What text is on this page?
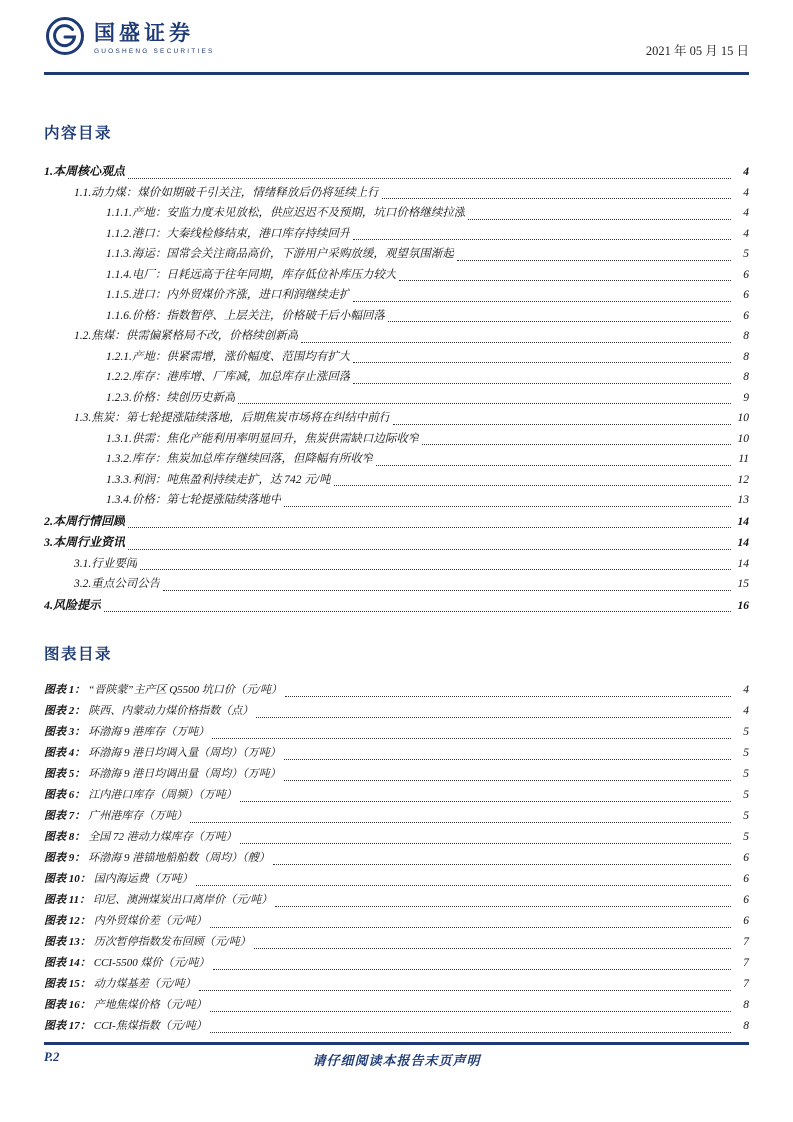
国盛证券
GUOSHENG SECURITIES	2021 年 05 月 15 日
内容目录
1.本周核心观点	4
1.1.动力煤：煤价如期破千引关注，情绪释放后仍将延续上行	4
1.1.1.产地：安监力度未见放松，供应迟迟不及预期，坑口价格继续拉涨	4
1.1.2.港口：大秦线检修结束，港口库存持续回升	4
1.1.3.海运：国常会关注商品高价，下游用户采购放缓，观望氛围渐起	5
1.1.4.电厂：日耗远高于往年同期，库存低位补库压力较大	6
1.1.5.进口：内外贸煤价齐涨，进口利润继续走扩	6
1.1.6.价格：指数暂停、上层关注，价格破千后小幅回落	6
1.2.焦煤：供需偏紧格局不改，价格续创新高	8
1.2.1.产地：供紧需增，涨价幅度、范围均有扩大	8
1.2.2.库存：港库增、厂库减，加总库存止涨回落	8
1.2.3.价格：续创历史新高	9
1.3.焦炭：第七轮提涨陆续落地，后期焦炭市场将在纠结中前行	10
1.3.1.供需：焦化产能利用率明显回升，焦炭供需缺口边际收窄	10
1.3.2.库存：焦炭加总库存继续回落，但降幅有所收窄	11
1.3.3.利润：吨焦盈利持续走扩，达 742 元/吨	12
1.3.4.价格：第七轮提涨陆续落地中	13
2.本周行情回顾	14
3.本周行业资讯	14
3.1.行业要闻	14
3.2.重点公司公告	15
4.风险提示	16
图表目录
图表 1： “晋陕蒙”主产区 Q5500 坑口价（元/吨）	4
图表 2： 陕西、内蒙动力煤价格指数（点）	4
图表 3： 环渤海 9 港库存（万吨）	5
图表 4： 环渤海 9 港日均调入量（周均）（万吨）	5
图表 5： 环渤海 9 港日均调出量（周均）（万吨）	5
图表 6： 江内港口库存（周频）（万吨）	5
图表 7： 广州港库存（万吨）	5
图表 8： 全国 72 港动力煤库存（万吨）	5
图表 9： 环渤海 9 港锚地船舶数（周均）（艘）	6
图表 10： 国内海运费（万吨）	6
图表 11： 印尼、澳洲煤炭出口离岸价（元/吨）	6
图表 12： 内外贸煤价差（元/吨）	6
图表 13： 历次暂停指数发布回顾（元/吨）	7
图表 14： CCI-5500 煤价（元/吨）	7
图表 15： 动力煤基差（元/吨）	7
图表 16： 产地焦煤价格（元/吨）	8
图表 17： CCI-焦煤指数（元/吨）	8
P.2	请仔细阅读本报告末页声明
